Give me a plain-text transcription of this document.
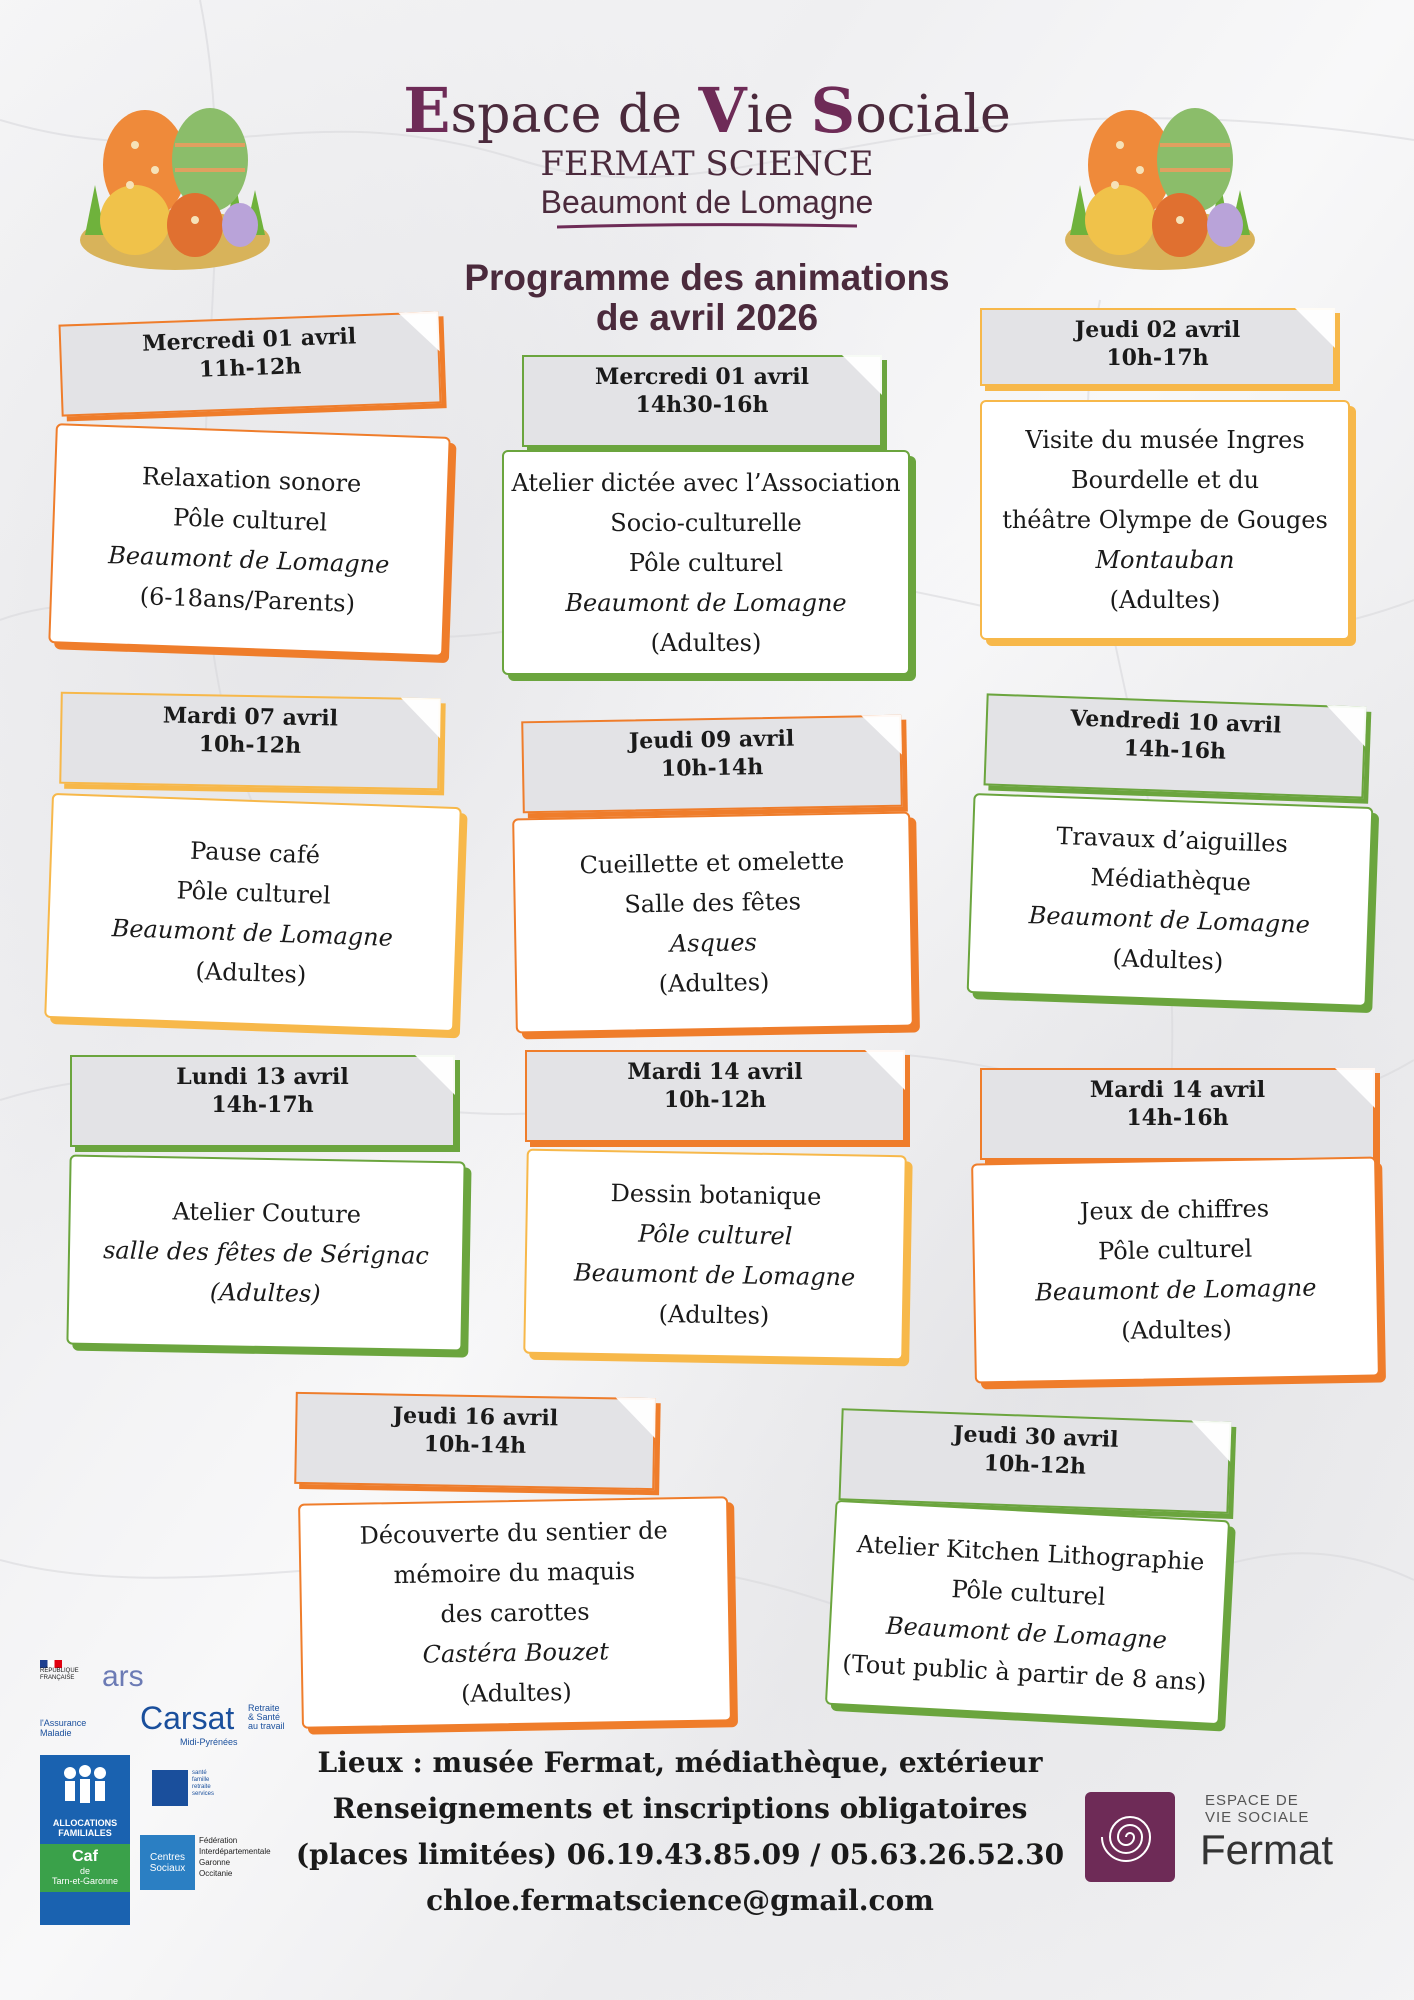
Espace de Vie Sociale
FERMAT SCIENCE
Beaumont de Lomagne
Programme des animations
de avril 2026
Mercredi 01 avril
11h-12h
Relaxation sonore
Pôle culturel
Beaumont de Lomagne
(6-18ans/Parents)
Mercredi 01 avril
14h30-16h
Atelier dictée avec l’Association
Socio-culturelle
Pôle culturel
Beaumont de Lomagne
(Adultes)
Jeudi 02 avril
10h-17h
Visite du musée Ingres
Bourdelle et du
théâtre Olympe de Gouges
Montauban
(Adultes)
Mardi 07 avril
10h-12h
Pause café
Pôle culturel
Beaumont de Lomagne
(Adultes)
Jeudi 09 avril
10h-14h
Cueillette et omelette
Salle des fêtes
Asques
(Adultes)
Vendredi 10 avril
14h-16h
Travaux d’aiguilles
Médiathèque
Beaumont de Lomagne
(Adultes)
Lundi 13 avril
14h-17h
Atelier Couture
salle des fêtes de Sérignac
(Adultes)
Mardi 14 avril
10h-12h
Dessin botanique
Pôle culturel
Beaumont de Lomagne
(Adultes)
Mardi 14 avril
14h-16h
Jeux de chiffres
Pôle culturel
Beaumont de Lomagne
(Adultes)
Jeudi 16 avril
10h-14h
Découverte du sentier de
mémoire du maquis
des carottes
Castéra Bouzet
(Adultes)
Jeudi 30 avril
10h-12h
Atelier Kitchen Lithographie
Pôle culturel
Beaumont de Lomagne
(Tout public à partir de 8 ans)
Lieux : musée Fermat, médiathèque, extérieur
Renseignements et inscriptions obligatoires
(places limitées) 06.19.43.85.09 / 05.63.26.52.30
chloe.fermatscience@gmail.com
RÉPUBLIQUE FRANÇAISE ars
l'Assurance Maladie	Carsat Retraite
& Santé
au travail
Midi-Pyrénées
ALLOCATIONS
FAMILIALES
Caf
de
Tarn-et-Garonne
santé
famille
retraite
services
Centres Sociaux
Fédération
Interdépartementale
Garonne
Occitanie
ESPACE DE
VIE SOCIALE
Fermat
